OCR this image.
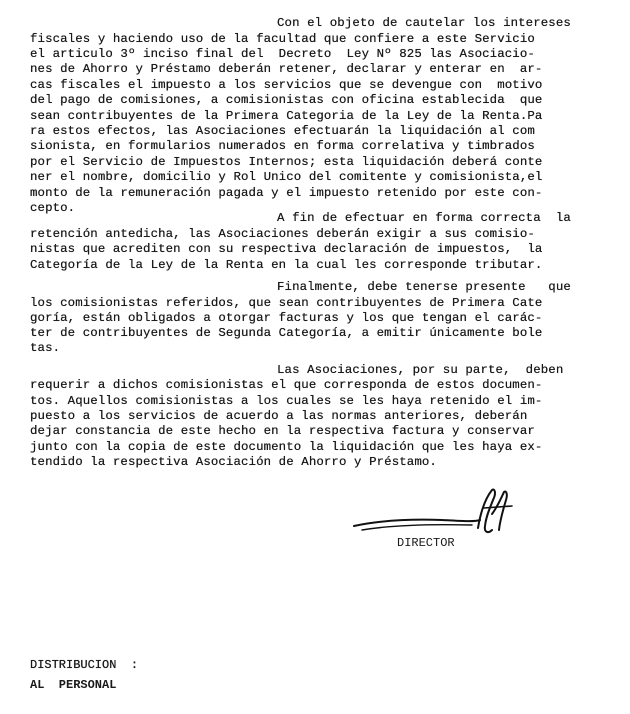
Con el objeto de cautelar los intereses
fiscales y haciendo uso de la facultad que confiere a este Servicio
el articulo 3º inciso final del  Decreto  Ley Nº 825 las Asociacio-
nes de Ahorro y Préstamo deberán retener, declarar y enterar en  ar-
cas fiscales el impuesto a los servicios que se devengue con  motivo
del pago de comisiones, a comisionistas con oficina establecida  que
sean contribuyentes de la Primera Categoria de la Ley de la Renta.Pa
ra estos efectos, las Asociaciones efectuarán la liquidación al com
sionista, en formularios numerados en forma correlativa y timbrados
por el Servicio de Impuestos Internos; esta liquidación deberá conte
ner el nombre, domicilio y Rol Unico del comitente y comisionista,el
monto de la remuneración pagada y el impuesto retenido por este con-
cepto.
A fin de efectuar en forma correcta  la
retención antedicha, las Asociaciones deberán exigir a sus comisio-
nistas que acrediten con su respectiva declaración de impuestos,  la
Categoría de la Ley de la Renta en la cual les corresponde tributar.
Finalmente, debe tenerse presente   que
los comisionistas referidos, que sean contribuyentes de Primera Cate
goría, están obligados a otorgar facturas y los que tengan el carác-
ter de contribuyentes de Segunda Categoría, a emitir únicamente bole
tas.
Las Asociaciones, por su parte,  deben
requerir a dichos comisionistas el que corresponda de estos documen-
tos. Aquellos comisionistas a los cuales se les haya retenido el im-
puesto a los servicios de acuerdo a las normas anteriores, deberán
dejar constancia de este hecho en la respectiva factura y conservar
junto con la copia de este documento la liquidación que les haya ex-
tendido la respectiva Asociación de Ahorro y Préstamo.
DIRECTOR
DISTRIBUCION  :
AL  PERSONAL
